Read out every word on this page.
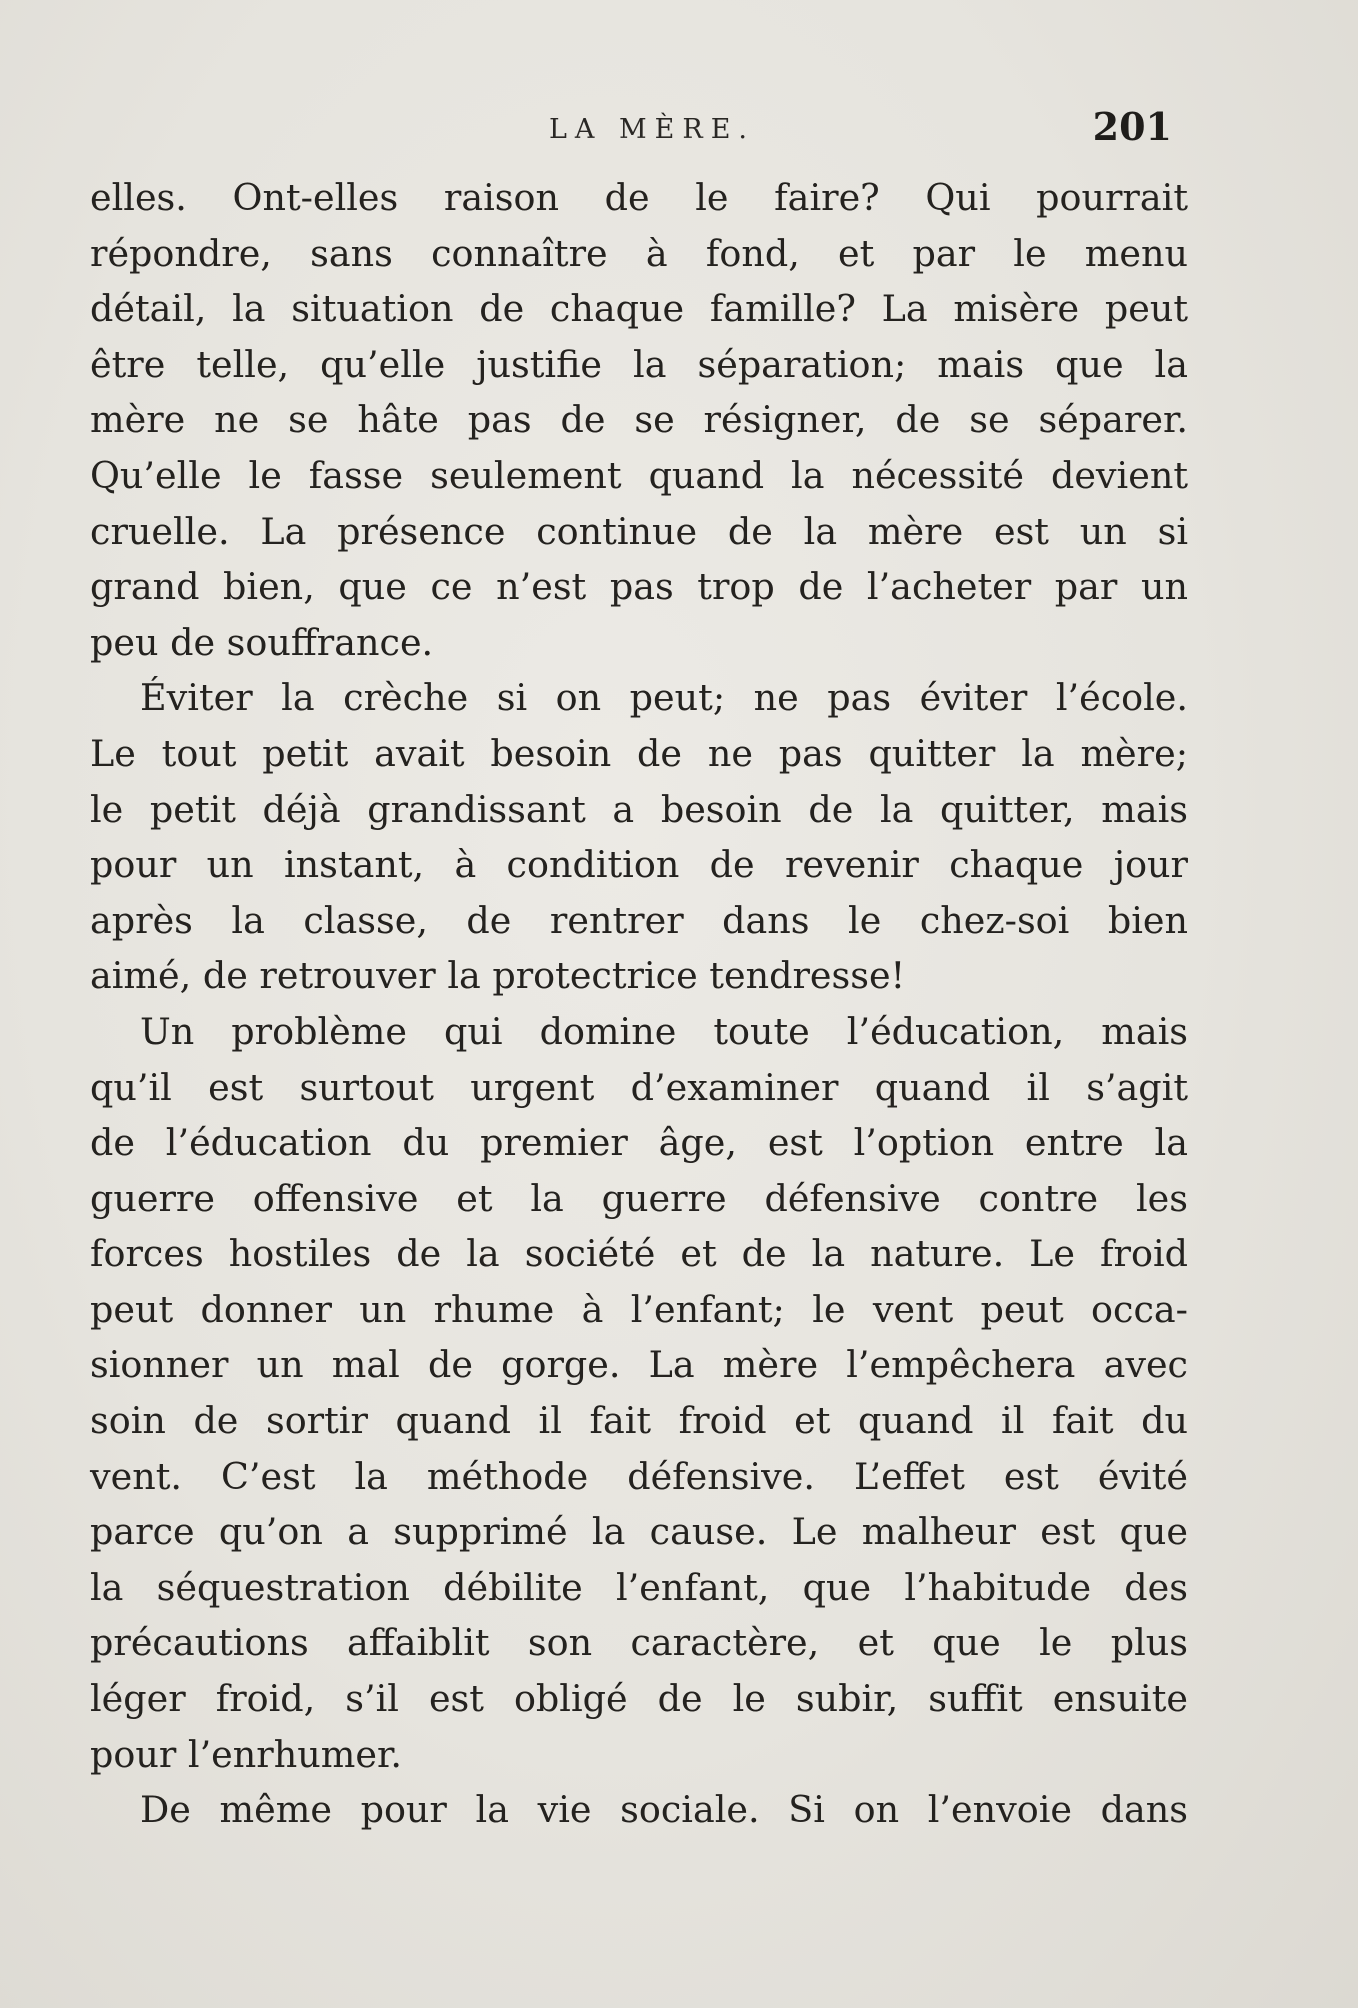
LA MÈRE.	201
elles. Ont-elles raison de le faire? Qui pourrait
répondre, sans connaître à fond, et par le menu
détail, la situation de chaque famille? La misère peut
être telle, qu’elle justifie la séparation; mais que la
mère ne se hâte pas de se résigner, de se séparer.
Qu’elle le fasse seulement quand la nécessité devient
cruelle. La présence continue de la mère est un si
grand bien, que ce n’est pas trop de l’acheter par un
peu de souffrance.
Éviter la crèche si on peut; ne pas éviter l’école.
Le tout petit avait besoin de ne pas quitter la mère;
le petit déjà grandissant a besoin de la quitter, mais
pour un instant, à condition de revenir chaque jour
après la classe, de rentrer dans le chez-soi bien
aimé, de retrouver la protectrice tendresse!
Un problème qui domine toute l’éducation, mais
qu’il est surtout urgent d’examiner quand il s’agit
de l’éducation du premier âge, est l’option entre la
guerre offensive et la guerre défensive contre les
forces hostiles de la société et de la nature. Le froid
peut donner un rhume à l’enfant; le vent peut occa-
sionner un mal de gorge. La mère l’empêchera avec
soin de sortir quand il fait froid et quand il fait du
vent. C’est la méthode défensive. L’effet est évité
parce qu’on a supprimé la cause. Le malheur est que
la séquestration débilite l’enfant, que l’habitude des
précautions affaiblit son caractère, et que le plus
léger froid, s’il est obligé de le subir, suffit ensuite
pour l’enrhumer.
De même pour la vie sociale. Si on l’envoie dans
